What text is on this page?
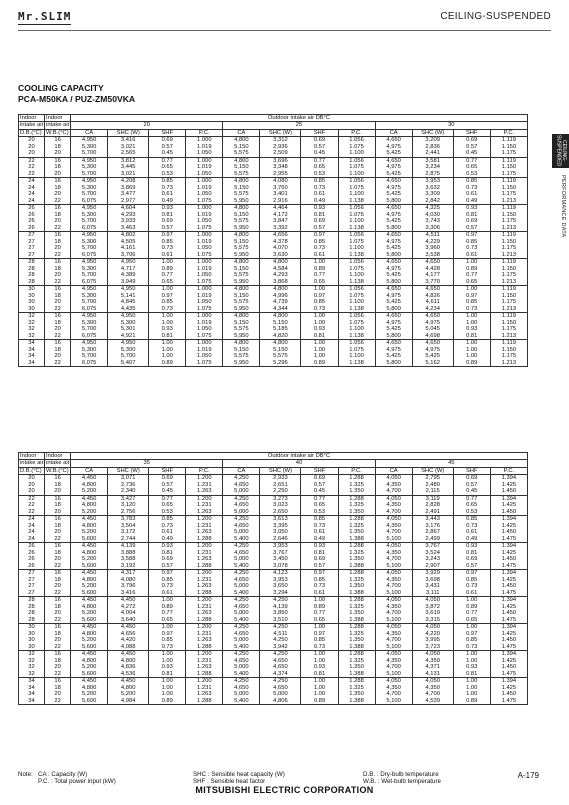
Mr.SLIM	CEILING-SUSPENDED
COOLING CAPACITY
PCA-M50KA / PUZ-ZM50VKA
CEILING-SUSPENDED
PERFORMANCE DATA
Indoor	Indoor	Outdoor intake air DB°C											
intake air	intake air	20				25				30			
D.B.(°C)	W.B.(°C)	CA	SHC (W)	SHF	P.C.	CA	SHC (W)	SHF	P.C.	CA	SHC (W)	SHF	P.C.
20	16	4,950	3,416	0.69	1.000	4,800	3,312	0.69	1.056	4,650	3,209	0.69	1.119
20	18	5,300	3,021	0.57	1.019	5,150	2,936	0.57	1.075	4,975	2,836	0.57	1.150
20	20	5,700	2,565	0.45	1.050	5,575	2,509	0.45	1.100	5,425	2,441	0.45	1.175
22	16	4,950	3,812	0.77	1.000	4,800	3,696	0.77	1.056	4,650	3,581	0.77	1.119
22	18	5,300	3,445	0.65	1.019	5,150	3,348	0.65	1.075	4,975	3,234	0.65	1.150
22	20	5,700	3,021	0.53	1.050	5,575	2,955	0.53	1.100	5,425	2,875	0.53	1.175
24	16	4,950	4,208	0.85	1.000	4,800	4,080	0.85	1.056	4,650	3,953	0.85	1.119
24	18	5,300	3,869	0.73	1.019	5,150	3,760	0.73	1.075	4,975	3,632	0.73	1.150
24	20	5,700	3,477	0.61	1.050	5,575	3,401	0.61	1.100	5,425	3,309	0.61	1.175
24	22	6,075	2,977	0.49	1.075	5,950	2,916	0.49	1.138	5,800	2,842	0.49	1.213
26	16	4,950	4,604	0.93	1.000	4,800	4,464	0.93	1.056	4,650	4,325	0.93	1.119
26	18	5,300	4,293	0.81	1.019	5,150	4,172	0.81	1.075	4,975	4,030	0.81	1.150
26	20	5,700	3,933	0.69	1.050	5,575	3,847	0.69	1.100	5,425	3,743	0.69	1.175
26	22	6,075	3,463	0.57	1.075	5,950	3,392	0.57	1.138	5,800	3,306	0.57	1.213
27	16	4,950	4,802	0.97	1.000	4,800	4,656	0.97	1.056	4,650	4,511	0.97	1.119
27	18	5,300	4,505	0.85	1.019	5,150	4,378	0.85	1.075	4,975	4,229	0.85	1.150
27	20	5,700	4,161	0.73	1.050	5,575	4,070	0.73	1.100	5,425	3,960	0.73	1.175
27	22	6,075	3,706	0.61	1.075	5,950	3,630	0.61	1.138	5,800	3,538	0.61	1.213
28	16	4,950	4,950	1.00	1.000	4,800	4,800	1.00	1.056	4,650	4,650	1.00	1.119
28	18	5,300	4,717	0.89	1.019	5,150	4,584	0.89	1.075	4,975	4,428	0.89	1.150
28	20	5,700	4,389	0.77	1.050	5,575	4,293	0.77	1.100	5,425	4,177	0.77	1.175
28	22	6,075	3,949	0.65	1.075	5,950	3,868	0.65	1.138	5,800	3,770	0.65	1.213
30	16	4,950	4,950	1.00	1.000	4,800	4,800	1.00	1.056	4,650	4,650	1.00	1.119
30	18	5,300	5,141	0.97	1.019	5,150	4,996	0.97	1.075	4,975	4,826	0.97	1.150
30	20	5,700	4,845	0.85	1.050	5,575	4,739	0.85	1.100	5,425	4,611	0.85	1.175
30	22	6,075	4,435	0.73	1.075	5,950	4,344	0.73	1.138	5,800	4,234	0.73	1.213
32	16	4,950	4,950	1.00	1.000	4,800	4,800	1.00	1.056	4,650	4,650	1.00	1.119
32	18	5,300	5,300	1.00	1.019	5,150	5,150	1.00	1.075	4,975	4,975	1.00	1.150
32	20	5,700	5,301	0.93	1.050	5,575	5,185	0.93	1.100	5,425	5,045	0.93	1.175
32	22	6,075	4,921	0.81	1.075	5,950	4,820	0.81	1.138	5,800	4,698	0.81	1.213
34	16	4,950	4,950	1.00	1.000	4,800	4,800	1.00	1.056	4,650	4,650	1.00	1.119
34	18	5,300	5,300	1.00	1.019	5,150	5,150	1.00	1.075	4,975	4,975	1.00	1.150
34	20	5,700	5,700	1.00	1.050	5,575	5,575	1.00	1.100	5,425	5,425	1.00	1.175
34	22	6,075	5,407	0.89	1.075	5,950	5,296	0.89	1.138	5,800	5,162	0.89	1.213
Indoor	Indoor	Outdoor intake air DB°C											
intake air	intake air	35				40				45			
D.B.(°C)	W.B.(°C)	CA	SHC (W)	SHF	P.C.	CA	SHC (W)	SHF	P.C.	CA	SHC (W)	SHF	P.C.
20	16	4,450	3,071	0.69	1.200	4,250	2,933	0.69	1.288	4,050	2,795	0.69	1.394
20	18	4,800	2,736	0.57	1.231	4,650	2,651	0.57	1.325	4,350	2,480	0.57	1.425
20	20	5,200	2,340	0.45	1.263	5,000	2,250	0.45	1.350	4,700	2,115	0.45	1.450
22	16	4,450	3,427	0.77	1.200	4,250	3,273	0.77	1.288	4,050	3,119	0.77	1.394
22	18	4,800	3,120	0.65	1.231	4,650	3,023	0.65	1.325	4,350	2,828	0.65	1.425
22	20	5,200	2,756	0.53	1.263	5,000	2,650	0.53	1.350	4,700	2,491	0.53	1.450
24	16	4,450	3,783	0.85	1.200	4,250	3,613	0.85	1.288	4,050	3,443	0.85	1.394
24	18	4,800	3,504	0.73	1.231	4,650	3,395	0.73	1.325	4,350	3,176	0.73	1.425
24	20	5,200	3,172	0.61	1.263	5,000	3,050	0.61	1.350	4,700	2,867	0.61	1.450
24	22	5,600	2,744	0.49	1.288	5,400	2,646	0.49	1.388	5,100	2,499	0.49	1.475
26	16	4,450	4,139	0.93	1.200	4,250	3,953	0.93	1.288	4,050	3,767	0.93	1.394
26	18	4,800	3,888	0.81	1.231	4,650	3,767	0.81	1.325	4,350	3,524	0.81	1.425
26	20	5,200	3,588	0.69	1.263	5,000	3,450	0.69	1.350	4,700	3,243	0.69	1.450
26	22	5,600	3,192	0.57	1.288	5,400	3,078	0.57	1.388	5,100	2,907	0.57	1.475
27	16	4,450	4,317	0.97	1.200	4,250	4,123	0.97	1.288	4,050	3,929	0.97	1.394
27	18	4,800	4,080	0.85	1.231	4,650	3,953	0.85	1.325	4,350	3,698	0.85	1.425
27	20	5,200	3,796	0.73	1.263	5,000	3,650	0.73	1.350	4,700	3,431	0.73	1.450
27	22	5,600	3,416	0.61	1.288	5,400	3,294	0.61	1.388	5,100	3,111	0.61	1.475
28	16	4,450	4,450	1.00	1.200	4,250	4,250	1.00	1.288	4,050	4,050	1.00	1.394
28	18	4,800	4,272	0.89	1.231	4,650	4,139	0.89	1.325	4,350	3,872	0.89	1.425
28	20	5,200	4,004	0.77	1.263	5,000	3,850	0.77	1.350	4,700	3,619	0.77	1.450
28	22	5,600	3,640	0.65	1.288	5,400	3,510	0.65	1.388	5,100	3,315	0.65	1.475
30	16	4,450	4,450	1.00	1.200	4,250	4,250	1.00	1.288	4,050	4,050	1.00	1.394
30	18	4,800	4,656	0.97	1.231	4,650	4,511	0.97	1.325	4,350	4,220	0.97	1.425
30	20	5,200	4,420	0.85	1.263	5,000	4,250	0.85	1.350	4,700	3,995	0.85	1.450
30	22	5,600	4,088	0.73	1.288	5,400	3,942	0.73	1.388	5,100	3,723	0.73	1.475
32	16	4,450	4,450	1.00	1.200	4,250	4,250	1.00	1.288	4,050	4,050	1.00	1.394
32	18	4,800	4,800	1.00	1.231	4,650	4,650	1.00	1.325	4,350	4,350	1.00	1.425
32	20	5,200	4,836	0.93	1.263	5,000	4,650	0.93	1.350	4,700	4,371	0.93	1.450
32	22	5,600	4,536	0.81	1.288	5,400	4,374	0.81	1.388	5,100	4,131	0.81	1.475
34	16	4,450	4,450	1.00	1.200	4,250	4,250	1.00	1.288	4,050	4,050	1.00	1.394
34	18	4,800	4,800	1.00	1.231	4,650	4,650	1.00	1.325	4,350	4,350	1.00	1.425
34	20	5,200	5,200	1.00	1.263	5,000	5,000	1.00	1.350	4,700	4,700	1.00	1.450
34	22	5,600	4,984	0.89	1.288	5,400	4,806	0.89	1.388	5,100	4,539	0.89	1.475
Note: CA : Capacity (W)
P.C. : Total power input (kW)
SHC : Sensible heat capacity (W)
SHF : Sensible heat factor
D.B. : Dry-bulb temperature
W.B. : Wet-bulb temperature
A-179
MITSUBISHI ELECTRIC CORPORATION
